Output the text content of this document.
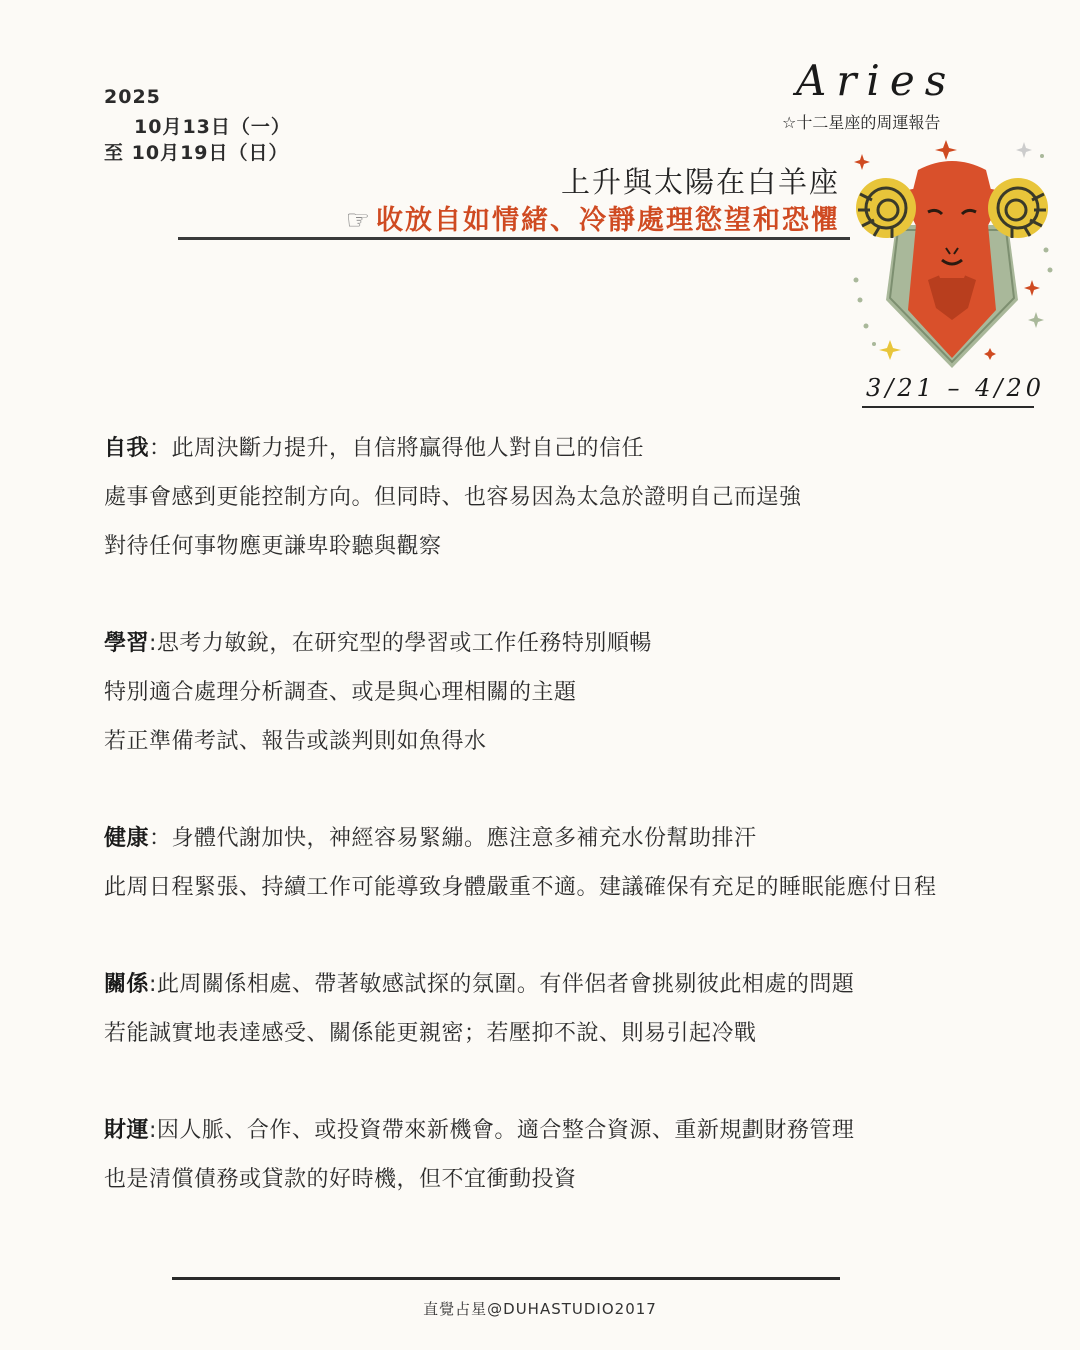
2025
10月13日（一）
至 10月19日（日）
Aries
☆十二星座的周運報告
上升與太陽在白羊座
☞ 收放自如情緒、冷靜處理慾望和恐懼
3/21 – 4/20
自我：此周決斷力提升，自信將贏得他人對自己的信任
處事會感到更能控制方向。但同時、也容易因為太急於證明自己而逞強
對待任何事物應更謙卑聆聽與觀察
學習:思考力敏銳，在研究型的學習或工作任務特別順暢
特別適合處理分析調查、或是與心理相關的主題
若正準備考試、報告或談判則如魚得水
健康：身體代謝加快，神經容易緊繃。應注意多補充水份幫助排汗
此周日程緊張、持續工作可能導致身體嚴重不適。建議確保有充足的睡眠能應付日程
關係:此周關係相處、帶著敏感試探的氛圍。有伴侶者會挑剔彼此相處的問題
若能誠實地表達感受、關係能更親密；若壓抑不說、則易引起冷戰
財運:因人脈、合作、或投資帶來新機會。適合整合資源、重新規劃財務管理
也是清償債務或貸款的好時機，但不宜衝動投資
直覺占星@DUHASTUDIO2017
